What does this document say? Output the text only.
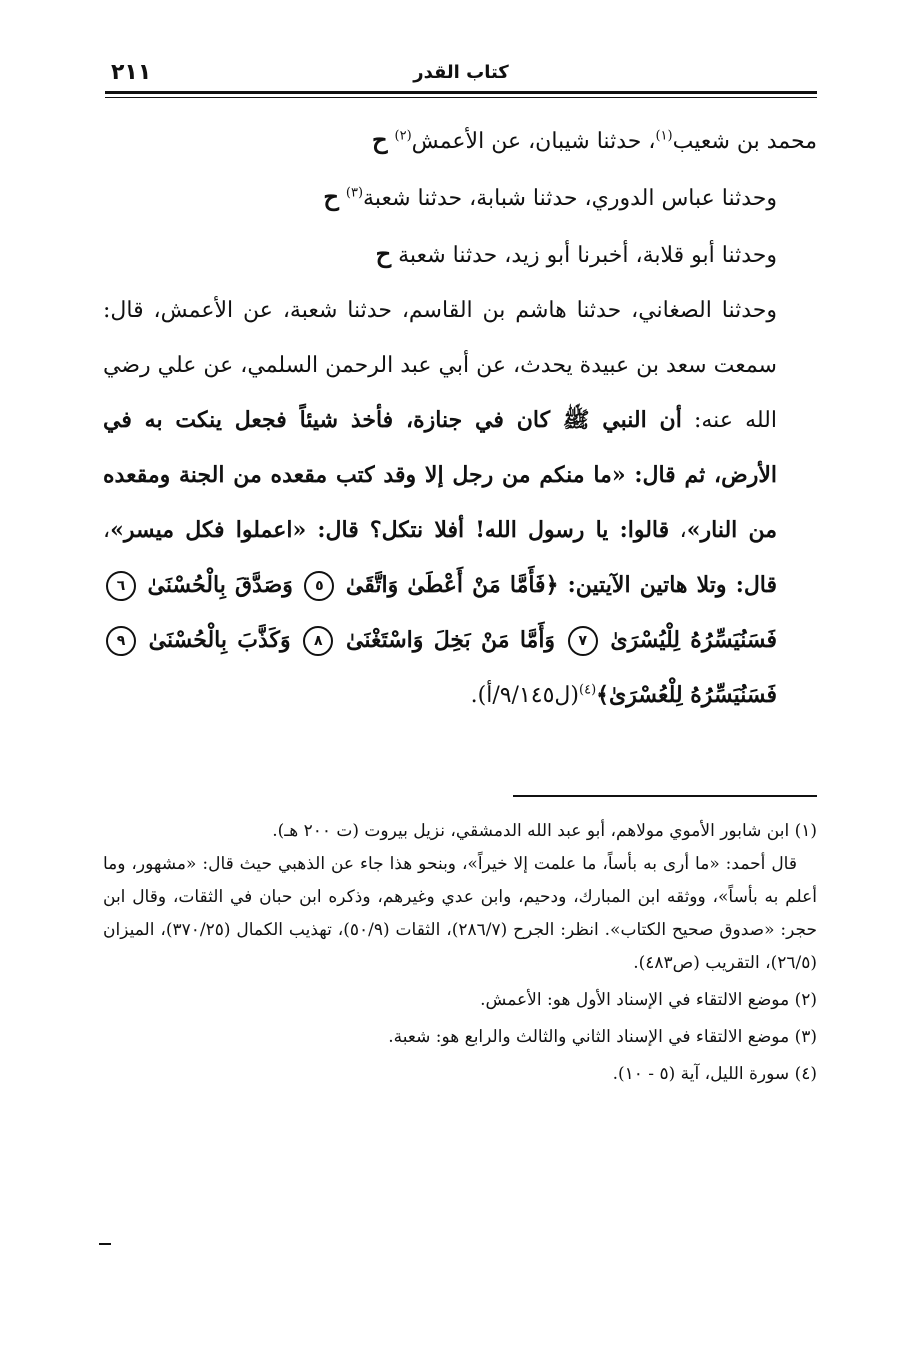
٢١١	كتاب القدر

محمد بن شعيب$^{(١)}$، حدثنا شيبان، عن الأعمش$^{(٢)}$ ح

وحدثنا عباس الدوري، حدثنا شبابة، حدثنا شعبة$^{(٣)}$ ح

وحدثنا أبو قلابة، أخبرنا أبو زيد، حدثنا شعبة ح

وحدثنا الصغاني، حدثنا هاشم بن القاسم، حدثنا شعبة، عن الأعمش، قال: سمعت سعد بن عبيدة يحدث، عن أبي عبد الرحمن السلمي، عن علي رضي الله عنه: أن النبي ﷺ كان في جنازة، فأخذ شيئاً فجعل ينكت به في الأرض، ثم قال: «ما منكم من رجل إلا وقد كتب مقعده من الجنة ومقعده من النار»، قالوا: يا رسول الله! أفلا نتكل؟ قال: «اعملوا فكل ميسر»، قال: وتلا هاتين الآيتين: ﴿فَأَمَّا مَنْ أَعْطَىٰ وَاتَّقَىٰ ٥ وَصَدَّقَ بِالْحُسْنَىٰ ٦ فَسَنُيَسِّرُهُ لِلْيُسْرَىٰ ٧ وَأَمَّا مَنْ بَخِلَ وَاسْتَغْنَىٰ ٨ وَكَذَّبَ بِالْحُسْنَىٰ ٩ فَسَنُيَسِّرُهُ لِلْعُسْرَىٰ﴾$^{(٤)}$(ل٩/١٤٥/أ).

(١) ابن شابور الأموي مولاهم، أبو عبد الله الدمشقي، نزيل بيروت (ت ٢٠٠ هـ).
قال أحمد: «ما أرى به بأساً، ما علمت إلا خيراً»، وبنحو هذا جاء عن الذهبي حيث قال: «مشهور، وما أعلم به بأساً»، ووثقه ابن المبارك، ودحيم، وابن عدي وغيرهم، وذكره ابن حبان في الثقات، وقال ابن حجر: «صدوق صحيح الكتاب». انظر: الجرح (٢٨٦/٧)، الثقات (٥٠/٩)، تهذيب الكمال (٣٧٠/٢٥)، الميزان (٢٦/٥)، التقريب (ص٤٨٣).

(٢) موضع الالتقاء في الإسناد الأول هو: الأعمش.

(٣) موضع الالتقاء في الإسناد الثاني والثالث والرابع هو: شعبة.

(٤) سورة الليل، آية (٥ - ١٠).
